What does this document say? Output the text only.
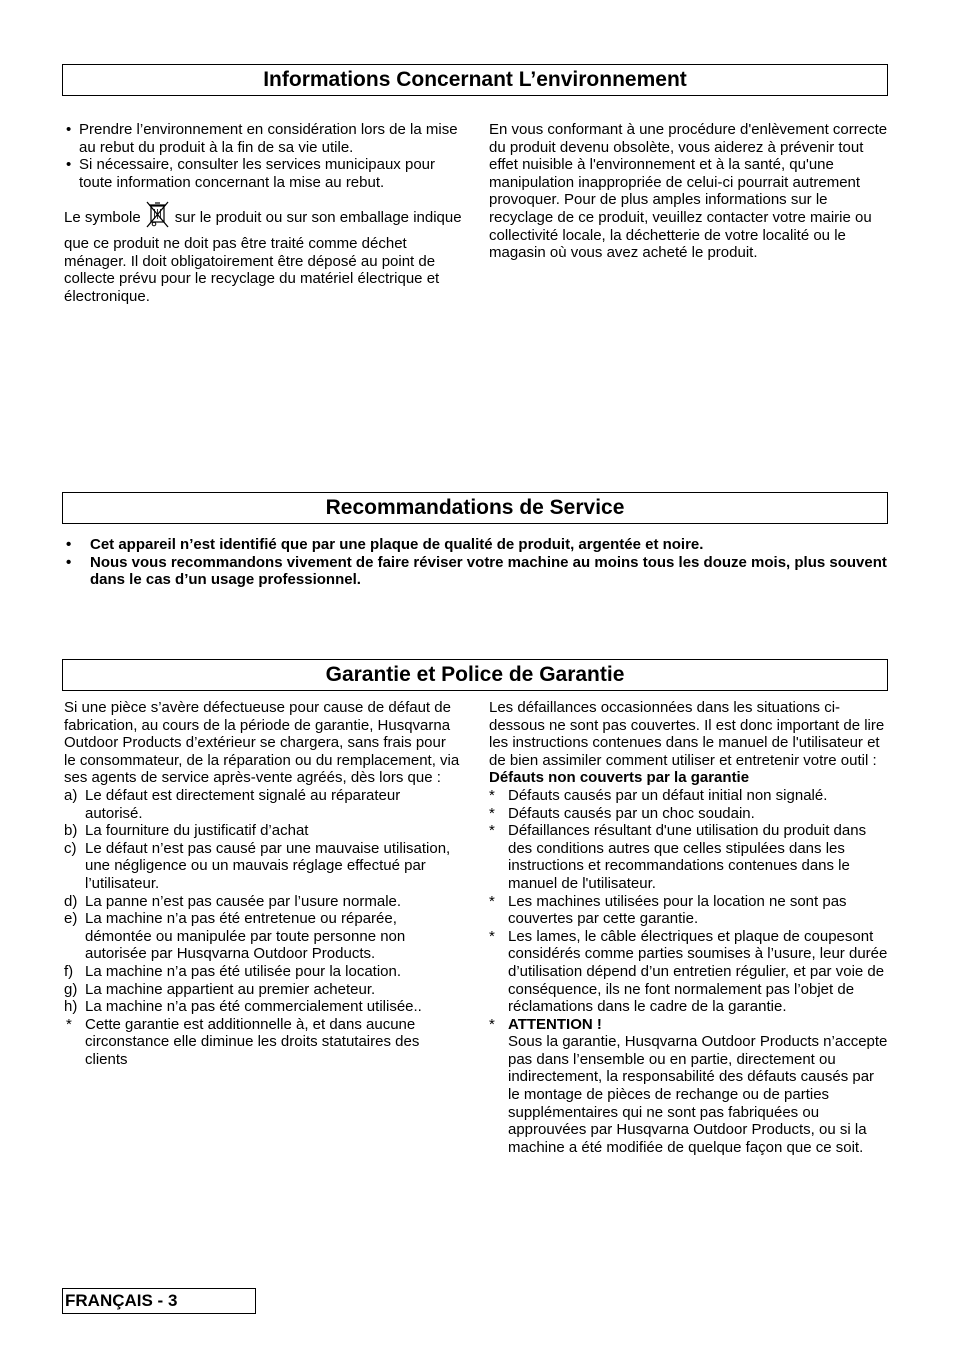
Informations Concernant L’environnement
• Prendre l’environnement en considération lors de la mise au rebut du produit à la fin de sa vie utile.
• Si nécessaire, consulter les services municipaux pour toute information concernant la mise au rebut.

Le symbole sur le produit ou sur son emballage indique que ce produit ne doit pas être traité comme déchet ménager. Il doit obligatoirement être déposé au point de collecte prévu pour le recyclage du matériel électrique et électronique.

En vous conformant à une procédure d'enlèvement correcte du produit devenu obsolète, vous aiderez à prévenir tout effet nuisible à l'environnement et à la santé, qu'une manipulation inappropriée de celui-ci pourrait autrement provoquer. Pour de plus amples informations sur le recyclage de ce produit, veuillez contacter votre mairie ou collectivité locale, la déchetterie de votre localité ou le magasin où vous avez acheté le produit.

Recommandations de Service
• Cet appareil n’est identifié que par une plaque de qualité de produit, argentée et noire.
• Nous vous recommandons vivement de faire réviser votre machine au moins tous les douze mois, plus souvent dans le cas d’un usage professionnel.
Garantie et Police de Garantie

Si une pièce s’avère défectueuse pour cause de défaut de fabrication, au cours de la période de garantie, Husqvarna Outdoor Products d’extérieur se chargera, sans frais pour le consommateur, de la réparation ou du remplacement, via ses agents de service après-vente agréés, dès lors que :

a) Le défaut est directement signalé au réparateur autorisé.
b) La fourniture du justificatif d’achat
c) Le défaut n’est pas causé par une mauvaise utilisation, une négligence ou un mauvais réglage effectué par l’utilisateur.
d) La panne n’est pas causée par l’usure normale.
e) La machine n’a pas été entretenue ou réparée, démontée ou manipulée par toute personne non autorisée par Husqvarna Outdoor Products.
f) La machine n’a pas été utilisée pour la location.
g) La machine appartient au premier acheteur.
h) La machine n’a pas été commercialement utilisée..
* Cette garantie est additionnelle à, et dans aucune circonstance elle diminue les droits statutaires des clients

Les défaillances occasionnées dans les situations ci-dessous ne sont pas couvertes. Il est donc important de lire les instructions contenues dans le manuel de l'utilisateur et de bien assimiler comment utiliser et entretenir votre outil :

Défauts non couverts par la garantie

* Défauts causés par un défaut initial non signalé.
* Défauts causés par un choc soudain.
* Défaillances résultant d'une utilisation du produit dans des conditions autres que celles stipulées dans les instructions et recommandations contenues dans le manuel de l'utilisateur.
* Les machines utilisées pour la location ne sont pas couvertes par cette garantie.
* Les lames, le câble électriques et plaque de coupesont considérés comme parties soumises à l’usure, leur durée d’utilisation dépend d’un entretien régulier, et par voie de conséquence, ils ne font normalement pas l’objet de réclamations dans le cadre de la garantie.
* ATTENTION !
Sous la garantie, Husqvarna Outdoor Products n’accepte pas dans l’ensemble ou en partie, directement ou indirectement, la responsabilité des défauts causés par le montage de pièces de rechange ou de parties supplémentaires qui ne sont pas fabriquées ou approuvées par Husqvarna Outdoor Products, ou si la machine a été modifiée de quelque façon que ce soit.
FRANÇAIS - 3
